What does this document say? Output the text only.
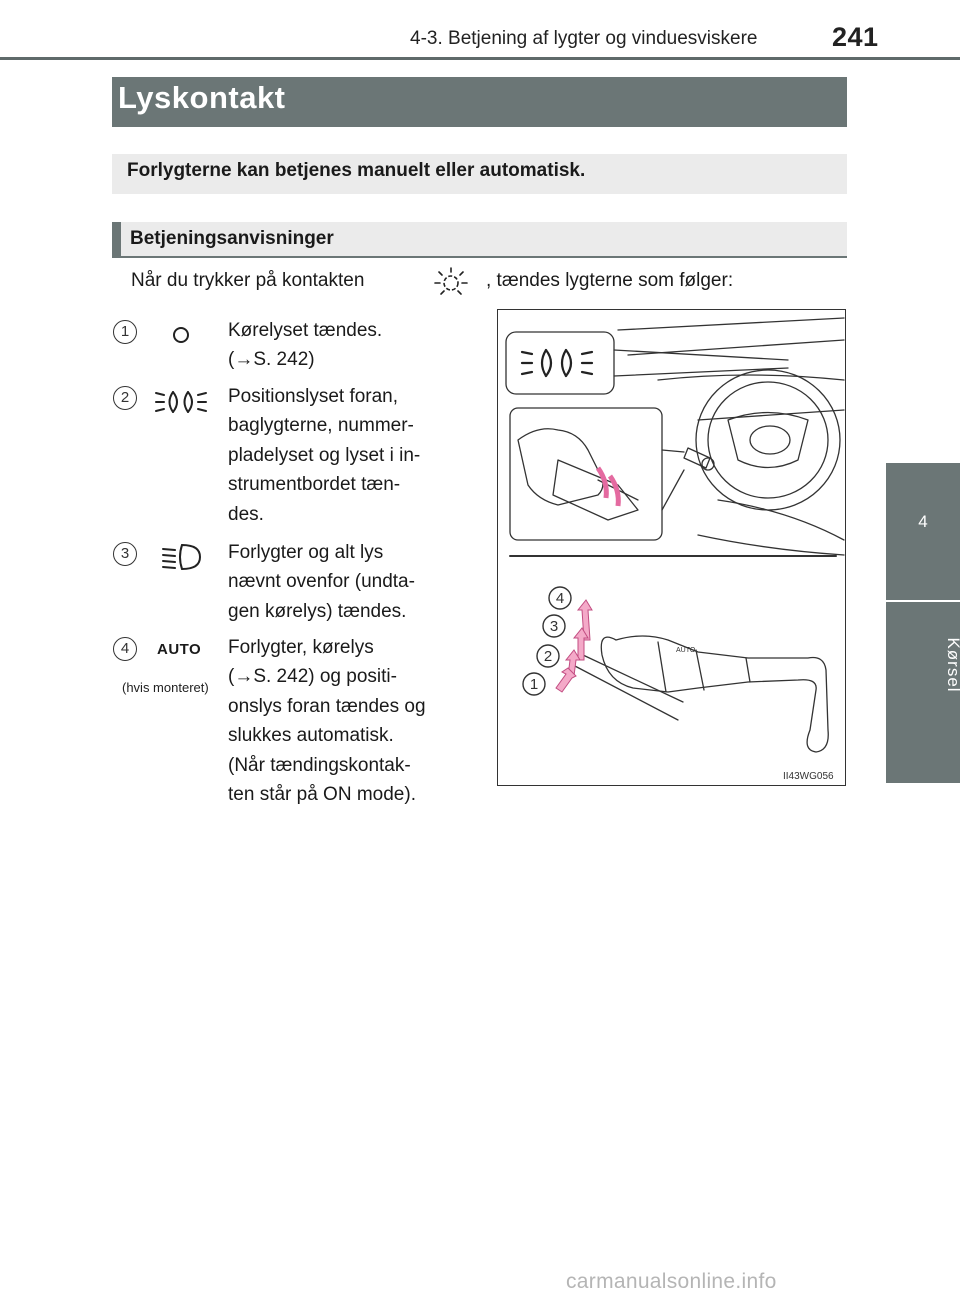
4-3. Betjening af lygter og vinduesviskere	241
4
Kørsel
Lyskontakt
Forlygterne kan betjenes manuelt eller automatisk.
Betjeningsanvisninger
Når du trykker på kontakten	, tændes lygterne som følger:
1	Kørelyset tændes.
(→S. 242)
2	Positionslyset foran,
baglygterne, nummer-
pladelyset og lyset i in-
strumentbordet tæn-
des.
3	Forlygter og alt lys
nævnt ovenfor (undta-
gen kørelys) tændes.
4	AUTO
(hvis monteret)
Forlygter, kørelys
(→S. 242) og positi-
onslys foran tændes og
slukkes automatisk.
(Når tændingskontak-
ten står på ON mode).
4
3
2
1
AUTO
II43WG056
carmanualsonline.info
